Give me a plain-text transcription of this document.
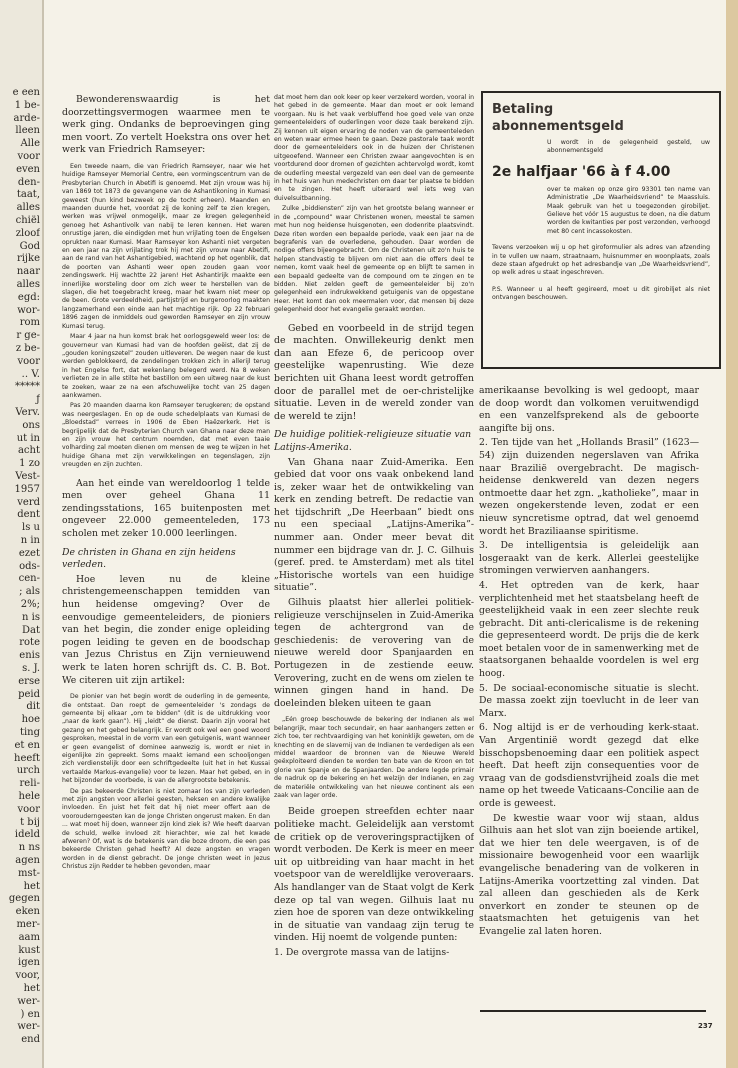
e een
1 be-
arde-
lleen
Alle
voor
even
den-
taat,
alles
chiël
zloof
God
rijke
naar
alles
egd:
wor-
rom
r ge-
z be-
voor
‥ V.
*****
ƒ
Verv.
ons
ut in
acht
1 zo
Vest-
1957
verd
dent
ls u
n in
ezet
ods-
cen-
; als
2%;
n is
Dat
rote
enis
s. J.
erse
peid
dit
hoe
ting
et en
heeft
urch
reli-
hele
voor
t bij
ideld
n ns
agen
mst-
het
gegen
eken
mer-
aam
kust
igen
voor,
het
wer-
) en
wer-
end

Bewonderenswaardig is het doorzettingsvermogen waarmee men te werk ging. Ondanks de beproevingen ging men voort. Zo vertelt Hoekstra ons over het werk van Friedrich Ramseyer:

Een tweede naam, die van Friedrich Ramseyer, naar wie het huidige Ramseyer Memorial Centre, een vormingscentrum van de Presbyterian Church in Abetifi is genoemd. Met zijn vrouw was hij van 1869 tot 1873 de gevangene van de Ashantikoning in Kumasi geweest (hun kind bezweek op de tocht erheen). Maanden en maanden duurde het, voordat zij de koning zelf te zien kregen, werken was vrijwel onmogelijk, maar ze kregen gelegenheid genoeg het Ashantivolk van nabij te leren kennen. Het waren onrustige jaren, die eindigden met hun vrijlating toen de Engelsen oprukten naar Kumasi. Maar Ramseyer kon Ashanti niet vergeten en een jaar na zijn vrijlating trok hij met zijn vrouw naar Abetifi, aan de rand van het Ashantigebied, wachtend op het ogenblik, dat de poorten van Ashanti weer open zouden gaan voor zendingswerk. Hij wachtte 22 jaren! Het Ashantirijk maakte een innerlijke worsteling door om zich weer te herstellen van de slagen, die het toegebracht kreeg, maar het kwam niet meer op de been. Grote verdeeldheid, partijstrijd en burgeroorlog maakten langzamerhand een einde aan het machtige rijk. Op 22 februari 1896 zagen de inmiddels oud geworden Ramseyer en zijn vrouw Kumasi terug.

Maar 4 jaar na hun komst brak het oorlogsgeweld weer los: de gouverneur van Kumasi had van de hoofden geëist, dat zij de „gouden koningszetel” zouden uitleveren. De wegen naar de kust werden geblokkeerd, de zendelingen trokken zich in allerijl terug in het Engelse fort, dat wekenlang belegerd werd. Na 8 weken verlieten ze in alle stilte het bastillon om een uitweg naar de kust te zoeken, waar ze na een afschuwelijke tocht van 25 dagen aankwamen.

Pas 20 maanden daarna kon Ramseyer terugkeren; de opstand was neergeslagen. En op de oude schedelplaats van Kumasi de „Bloedstad” verrees in 1906 de Eben Haëzerkerk. Het is begrijpelijk dat de Presbyterian Church van Ghana naar deze man en zijn vrouw het centrum noemden, dat met even taaie volharding zal moeten dienen om mensen de weg te wijzen in het huidige Ghana met zijn verwikkelingen en tegenslagen, zijn vreugden en zijn zuchten.

Aan het einde van wereldoorlog 1 telde men over geheel Ghana 11 zendingsstations, 165 buitenposten met ongeveer 22.000 gemeenteleden, 173 scholen met zeker 10.000 leerlingen.

De christen in Ghana en zijn heidens verleden.

Hoe leven nu de kleine christengemeenschappen temidden van hun heidense omgeving? Over de eenvoudige gemeenteleiders, de pioniers van het begin, die zonder enige opleiding pogen leiding te geven en de boodschap van Jezus Christus en Zijn vernieuwend werk te laten horen schrijft ds. C. B. Bot. We citeren uit zijn artikel:

De pionier van het begin wordt de ouderling in de gemeente, die ontstaat. Dan roept de gemeenteleider 's zondags de gemeente bij elkaar „om te bidden” (dit is de uitdrukking voor „naar de kerk gaan”). Hij „leidt” de dienst. Daarin zijn vooral het gezang en het gebed belangrijk. Er wordt ook wel een goed woord gesproken, meestal in de vorm van een getuigenis, want wanneer er geen evangelist of dominee aanwezig is, wordt er niet in eigenlijke zin gepreekt. Soms maakt iemand een schooljongen zich verdienstelijk door een schriftgedeelte (uit het in het Kussai vertaalde Markus-evangelie) voor te lezen. Maar het gebed, en in het bijzonder de voorbede, is van de allergrootste betekenis.

De pas bekeerde Christen is niet zomaar los van zijn verleden met zijn angsten voor allerlei geesten, heksen en andere kwalijke invloeden. En juist het feit dat hij niet meer offert aan de voorouderngeesten kan de jonge Christen ongerust maken. En dan ... wat moet hij doen, wanneer zijn kind ziek is? Wie heeft daarvan de schuld, welke invloed zit hierachter, wie zal het kwade afweren? Of, wat is de betekenis van die boze droom, die een pas bekeerde Christen gehad heeft? Al deze angsten en vragen worden in de dienst gebracht. De jonge christen weet in Jezus Christus zijn Redder te hebben gevonden, maar

dat moet hem dan ook keer op keer verzekerd worden, vooral in het gebed in de gemeente. Maar dan moet er ook lemand voorgaan. Nu is het vaak verbluffend hoe goed vele van onze gemeenteleiders of ouderlingen voor deze taak berekend zijn. Zij kennen uit eigen ervaring de noden van de gemeenteleden en weten waar ermee heen te gaan. Deze pastorale taak wordt door de gemeenteleiders ook in de huizen der Christenen uitgeoefend. Wanneer een Christen zwaar aangevochten is en voortdurend door dromen of gezichten achtervolgd wordt, komt de ouderling meestal vergezeld van een deel van de gemeente in het huis van hun medechristen om daar ter plaatse te bidden en te zingen. Het heeft uiteraard wel iets weg van duivelsuitbanning.

Zulke „biddiensten” zijn van het grootste belang wanneer er in de „compound” waar Christenen wonen, meestal te samen met hun nog heidense huisgenoten, een dodenrite plaatsvindt. Deze riten worden een bepaalde periode, vaak een jaar na de begrafenis van de overledene, gehouden. Daar worden de nodige offers bijeengebracht. Om de Christenen uit zo'n huis te helpen standvastig te blijven om niet aan die offers deel te nemen, komt vaak heel de gemeente op en blijft te samen in een bepaald gedeelte van de compound om te zingen en te bidden. Niet zelden geeft de gemeenteleider bij zo'n gelegenheid een indrukwekkend getuigenis van de opgestane Heer. Het komt dan ook meermalen voor, dat mensen bij deze gelegenheid door het evangelie geraakt worden.

Gebed en voorbeeld in de strijd tegen de machten. Onwillekeurig denkt men dan aan Efeze 6, de pericoop over geestelijke wapenrusting. Wie deze berichten uit Ghana leest wordt getroffen door de parallel met de oer-christelijke situatie. Leven in de wereld zonder van de wereld te zijn!

De huidige politiek-religieuze situatie van Latijns-Amerika.

Van Ghana naar Zuid-Amerika. Een gebied dat voor ons vaak onbekend land is, zeker waar het de ontwikkeling van kerk en zending betreft. De redactie van het tijdschrift „De Heerbaan” biedt ons nu een speciaal „Latijns-Amerika”-nummer aan. Onder meer bevat dit nummer een bijdrage van dr. J. C. Gilhuis (geref. pred. te Amsterdam) met als titel „Historische wortels van een huidige situatie”.

Gilhuis plaatst hier allerlei politiek-religieuze verschijnselen in Zuid-Amerika tegen de achtergrond van de geschiedenis: de verovering van de nieuwe wereld door Spanjaarden en Portugezen in de zestiende eeuw. Verovering, zucht en de wens om zielen te winnen gingen hand in hand. De doeleinden bleken uiteen te gaan

„Eén groep beschouwde de bekering der Indianen als wel belangrijk, maar toch secundair, en haar aanhangers zetten er zich toe, ter rechtvaardiging van het koninklijk geweten, om de knechting en de slavernij van de Indianen te verdedigen als een middel waardoor de bronnen van de Nieuwe Wereld geëxploiteerd dienden te worden ten bate van de Kroon en tot glorie van Spanje en de Spanjaarden. De andere legde primair de nadruk op de bekering en het welzijn der Indianen, en zag de materiële ontwikkeling van het nieuwe continent als een zaak van lager orde.

Beide groepen streefden echter naar politieke macht. Geleidelijk aan verstomt de critiek op de veroveringspractijken of wordt verboden. De Kerk is meer en meer uit op uitbreiding van haar macht in het voetspoor van de wereldlijke veroveraars. Als handlanger van de Staat volgt de Kerk deze op tal van wegen. Gilhuis laat nu zien hoe de sporen van deze ontwikkeling in de situatie van vandaag zijn terug te vinden. Hij noemt de volgende punten:

1. De overgrote massa van de latijns-

Betaling
abonnementsgeld

U wordt in de gelegenheid gesteld, uw abonnementsgeld

2e halfjaar '66 à f 4.00

over te maken op onze giro 93301 ten name van Administratie „De Waarheidsvriend” te Maassluis. Maak gebruik van het u toegezonden girobiljet. Gelieve het vóór 15 augustus te doen, na die datum worden de kwitanties per post verzonden, verhoogd met 80 cent incassokosten.

Tevens verzoeken wij u op het giroformulier als adres van afzending in te vullen uw naam, straatnaam, huisnummer en woonplaats, zoals deze staan afgedrukt op het adresbandje van „De Waarheidsvriend”, op welk adres u staat ingeschreven.

P.S. Wanneer u al heeft gegireerd, moet u dit girobiljet als niet ontvangen beschouwen.

amerikaanse bevolking is wel gedoopt, maar de doop wordt dan volkomen veruitwendigd en een vanzelfsprekend als de geboorte aangifte bij ons.

2. Ten tijde van het „Hollands Brasil” (1623—54) zijn duizenden negerslaven van Afrika naar Brazilië overgebracht. De magisch-heidense denkwereld van dezen negers ontmoette daar het zgn. „katholieke”, maar in wezen ongekerstende leven, zodat er een nieuw syncretisme optrad, dat wel genoemd wordt het Braziliaanse spiritisme.

3. De intelligentsia is geleidelijk aan losgeraakt van de kerk. Allerlei geestelijke stromingen verwierven aanhangers.

4. Het optreden van de kerk, haar verplichtenheid met het staatsbelang heeft de geestelijkheid vaak in een zeer slechte reuk gebracht. Dit anti-clericalisme is de rekening die gepresenteerd wordt. De prijs die de kerk moet betalen voor de in samenwerking met de staatsorganen behaalde voordelen is wel erg hoog.

5. De sociaal-economische situatie is slecht. De massa zoekt zijn toevlucht in de leer van Marx.

6. Nog altijd is er de verhouding kerk-staat. Van Argentinië wordt gezegd dat elke bisschopsbenoeming daar een politiek aspect heeft. Dat heeft zijn consequenties voor de vraag van de godsdienstvrijheid zoals die met name op het tweede Vaticaans-Concilie aan de orde is geweest.

De kwestie waar voor wij staan, aldus Gilhuis aan het slot van zijn boeiende artikel, dat we hier ten dele weergaven, is of de missionaire bewogenheid voor een waarlijk evangelische benadering van de volkeren in Latijns-Amerika voortzetting zal vinden. Dat zal alleen dan geschieden als de Kerk onverkort en zonder te steunen op de staatsmachten het getuigenis van het Evangelie zal laten horen.

237
